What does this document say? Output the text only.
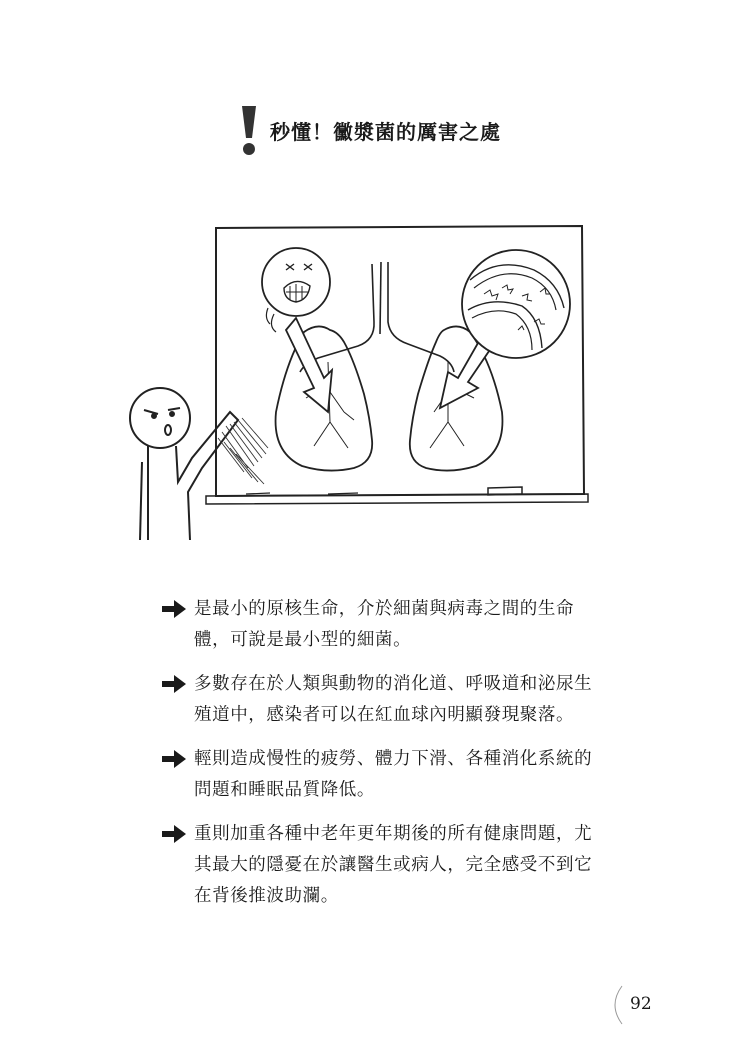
秒懂！黴漿菌的厲害之處
是最小的原核生命，介於細菌與病毒之間的生命體，可說是最小型的細菌。
多數存在於人類與動物的消化道、呼吸道和泌尿生殖道中，感染者可以在紅血球內明顯發現聚落。
輕則造成慢性的疲勞、體力下滑、各種消化系統的問題和睡眠品質降低。
重則加重各種中老年更年期後的所有健康問題，尤其最大的隱憂在於讓醫生或病人，完全感受不到它在背後推波助瀾。
92
